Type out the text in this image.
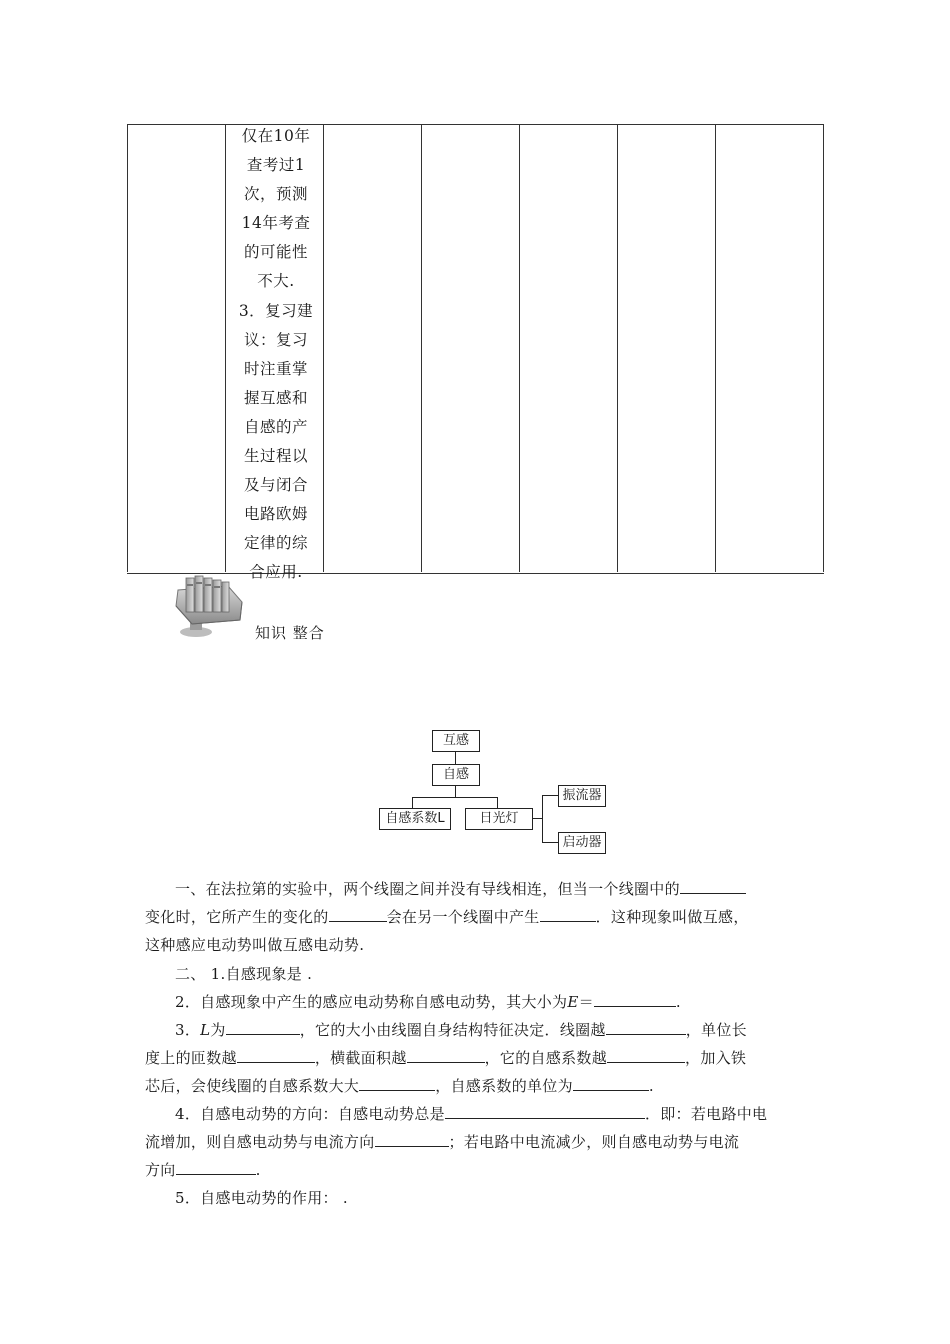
仅在10年
查考过1
次，预测
14年考查
的可能性
不大.
3．复习建
议：复习
时注重掌
握互感和
自感的产
生过程以
及与闭合
电路欧姆
定律的综
合应用.
知识 整合
互感
自感
自感系数L	日光灯
振流器
启动器
一、在法拉第的实验中，两个线圈之间并没有导线相连，但当一个线圈中的
变化时，它所产生的变化的	会在另一个线圈中产生	．这种现象叫做互感，
这种感应电动势叫做互感电动势.
二、 1.自感现象是 .
2．自感现象中产生的感应电动势称自感电动势，其大小为E＝	.
3．L为	，它的大小由线圈自身结构特征决定．线圈越	，单位长
度上的匝数越	，横截面积越	，它的自感系数越	，加入铁
芯后，会使线圈的自感系数大大	，自感系数的单位为	.
4．自感电动势的方向：自感电动势总是	．即：若电路中电
流增加，则自感电动势与电流方向	；若电路中电流减少，则自感电动势与电流
方向	.
5．自感电动势的作用： .
